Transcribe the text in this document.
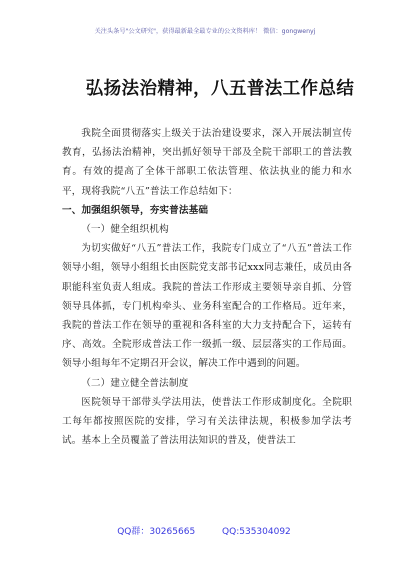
关注头条号"公文研究"，获得最新最全最专业的公文资料库！ 微信：gongwenyj
弘扬法治精神，八五普法工作总结

我院全面贯彻落实上级关于法治建设要求，深入开展法制宣传教育，弘扬法治精神，突出抓好领导干部及全院干部职工的普法教育。有效的提高了全体干部职工依法管理、依法执业的能力和水平，现将我院“八五”普法工作总结如下：

一、加强组织领导，夯实普法基础

（一）健全组织机构

为切实做好“八五”普法工作，我院专门成立了“八五”普法工作领导小组，领导小组组长由医院党支部书记xxx同志兼任，成员由各职能科室负责人组成。我院的普法工作形成主要领导亲自抓、分管领导具体抓，专门机构牵头、业务科室配合的工作格局。近年来，我院的普法工作在领导的重视和各科室的大力支持配合下，运转有序、高效。全院形成普法工作一级抓一级、层层落实的工作局面。领导小组每年不定期召开会议，解决工作中遇到的问题。

（二）建立健全普法制度

医院领导干部带头学法用法，使普法工作形成制度化。全院职工每年都按照医院的安排，学习有关法律法规，积极参加学法考试。基本上全员覆盖了普法用法知识的普及，使普法工

QQ群：30265665	QQ:535304092
